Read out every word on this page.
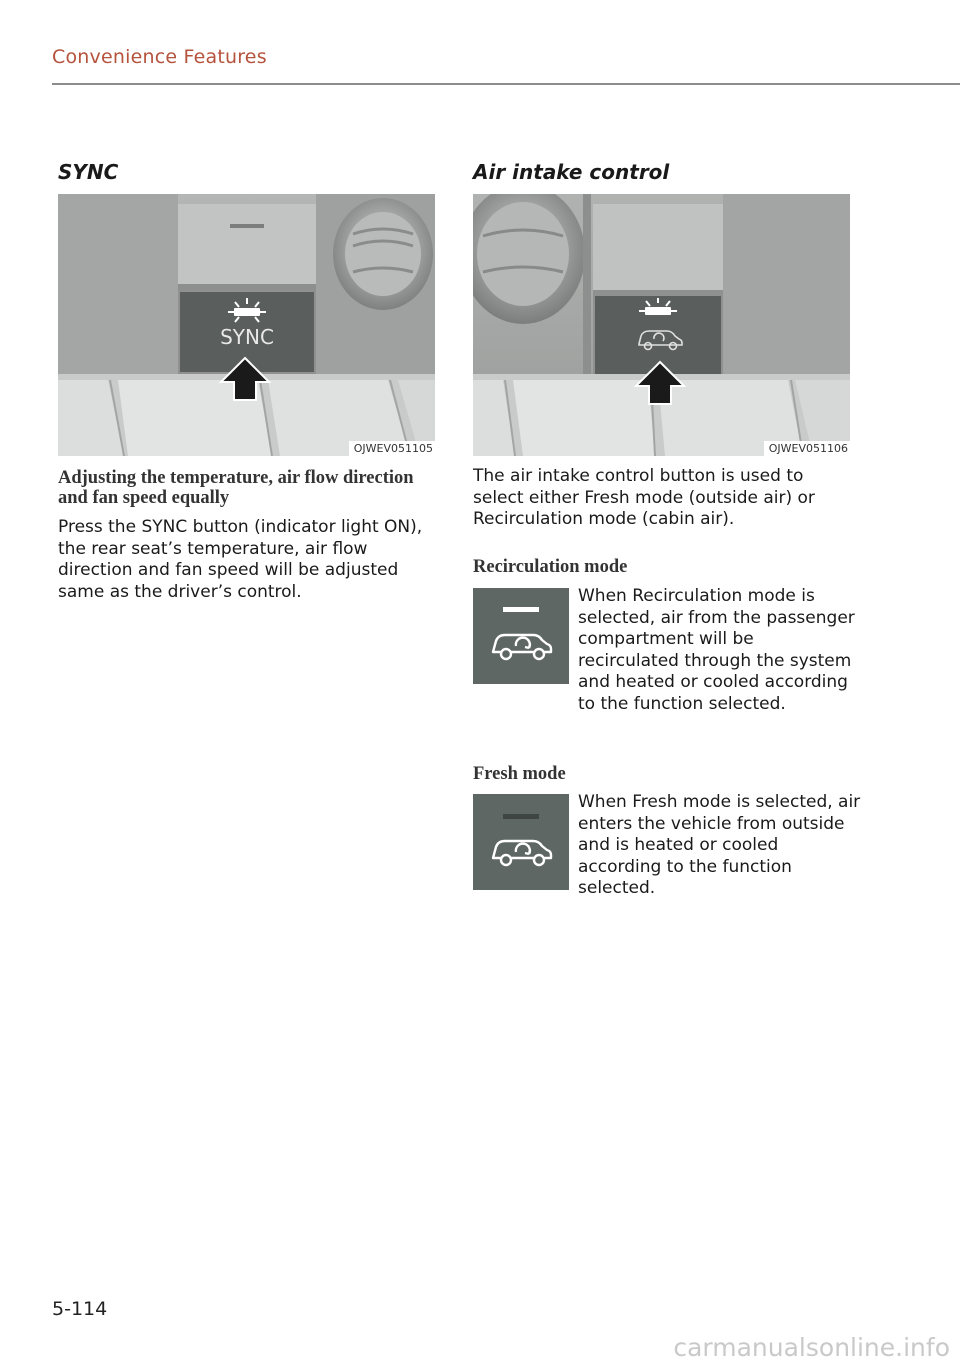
Convenience Features
SYNC
SYNC
OJWEV051105
Adjusting the temperature, air flow direction and fan speed equally
Press the SYNC button (indicator light ON), the rear seat’s temperature, air flow direction and fan speed will be adjusted same as the driver’s control.
Air intake control
OJWEV051106
The air intake control button is used to select either Fresh mode (outside air) or Recirculation mode (cabin air).
Recirculation mode
When Recirculation mode is selected, air from the passenger compartment will be recirculated through the system and heated or cooled according to the function selected.
Fresh mode
When Fresh mode is selected, air enters the vehicle from outside and is heated or cooled according to the function selected.
5-114
carmanualsonline.info
